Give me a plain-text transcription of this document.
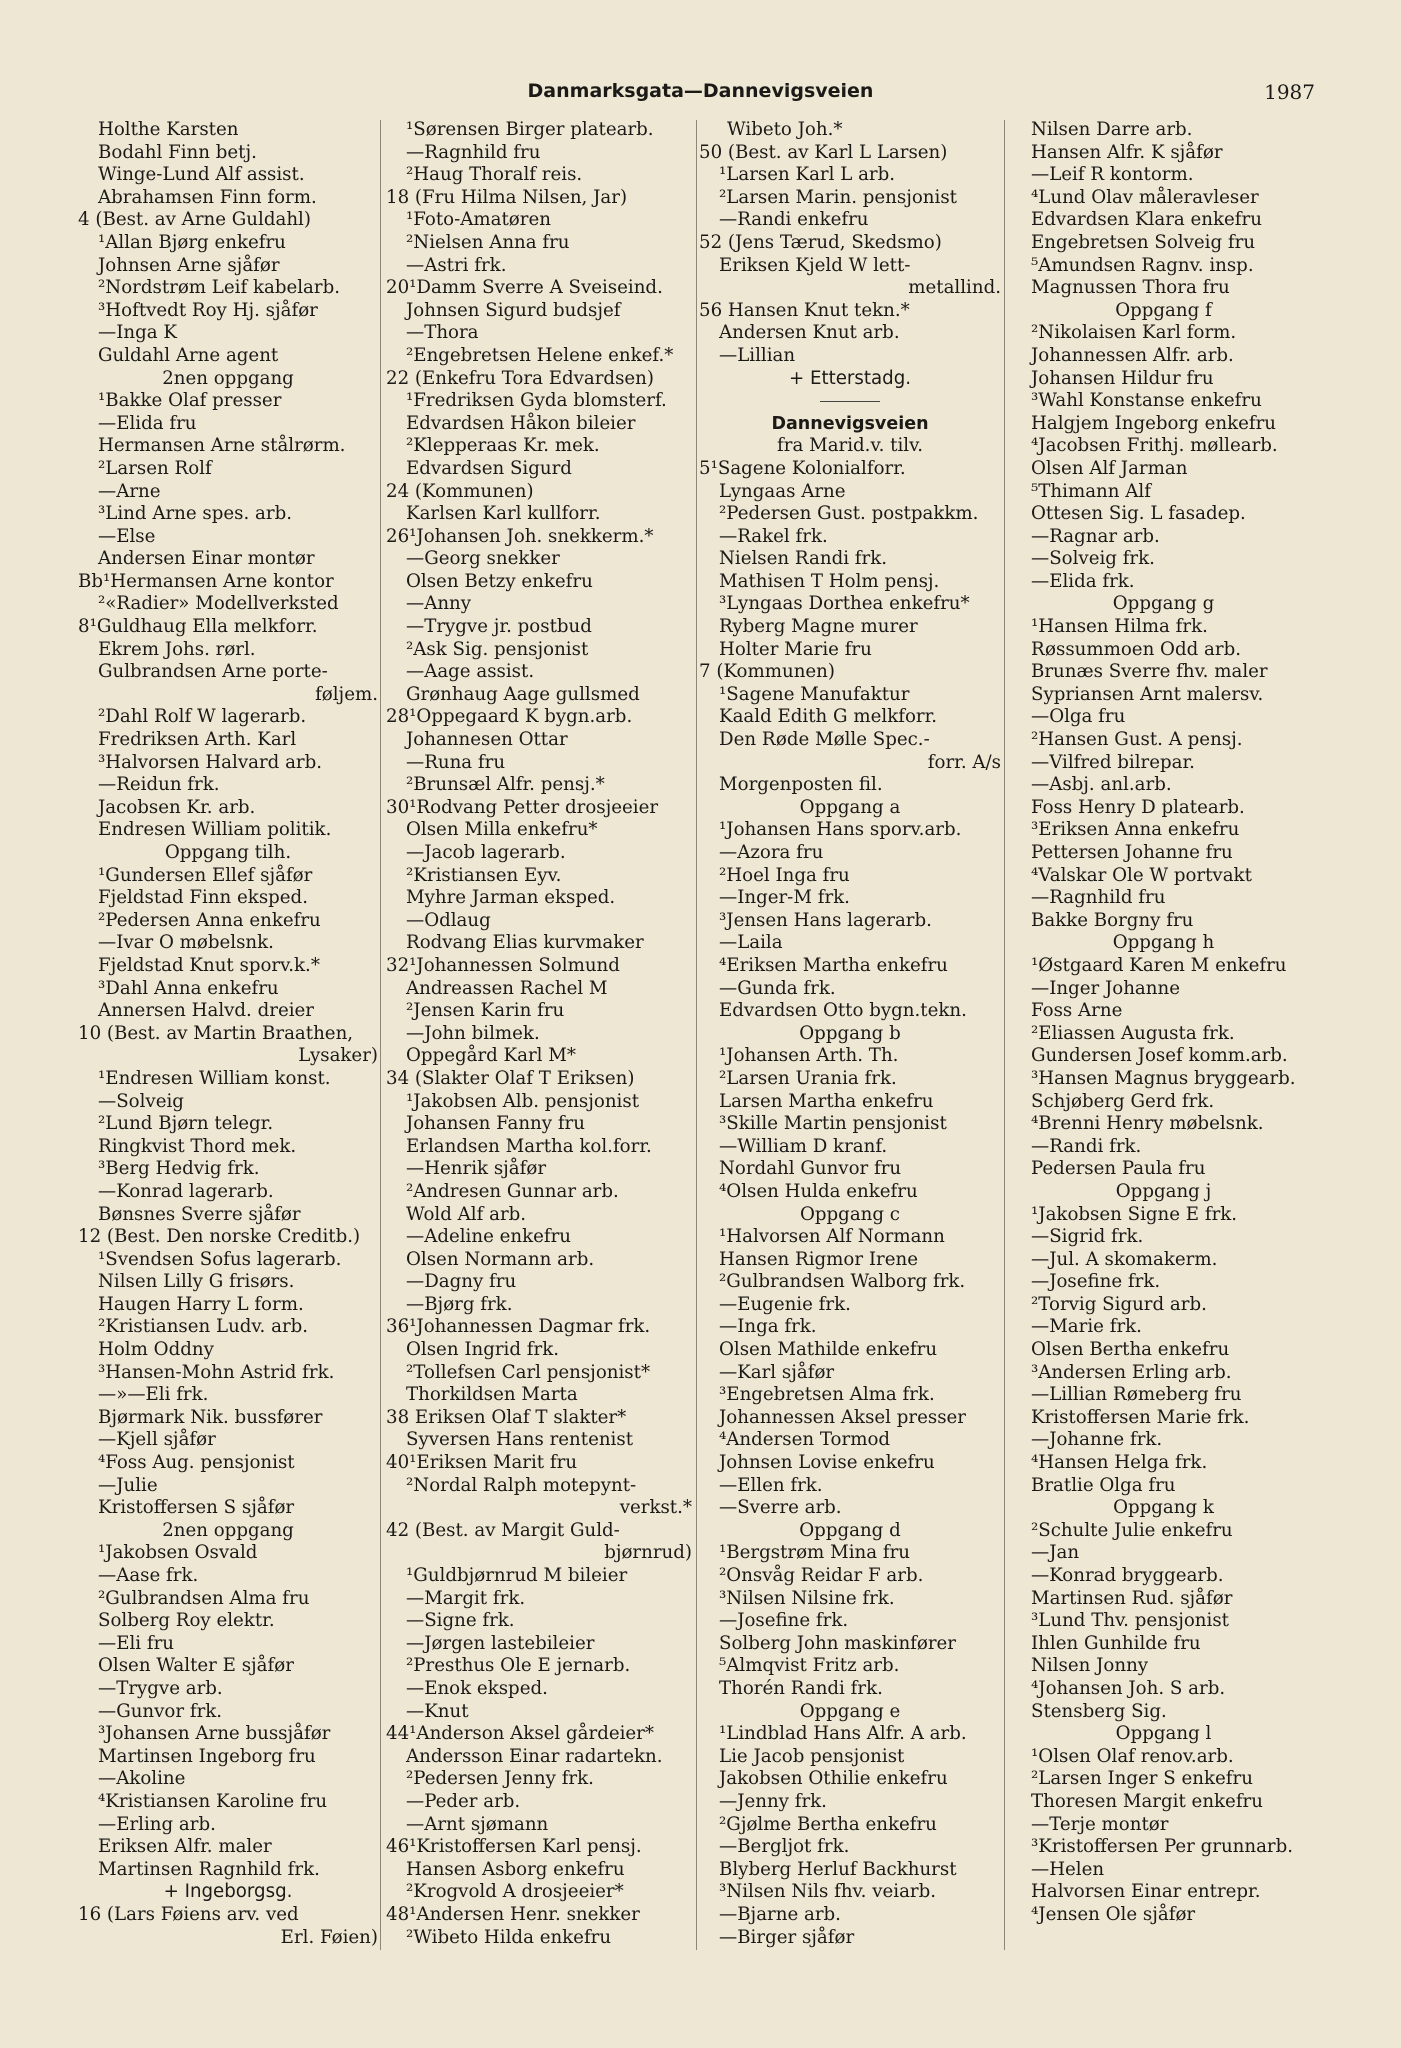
Danmarksgata—Dannevigsveien	1987
Holthe Karsten
Bodahl Finn betj.
Winge-Lund Alf assist.
Abrahamsen Finn form.
4 (Best. av Arne Guldahl)
¹Allan Bjørg enkefru
Johnsen Arne sjåfør
²Nordstrøm Leif kabelarb.
³Hoftvedt Roy Hj. sjåfør
—Inga K
Guldahl Arne agent
2nen oppgang
¹Bakke Olaf presser
—Elida fru
Hermansen Arne stålrørm.
²Larsen Rolf
—Arne
³Lind Arne spes. arb.
—Else
Andersen Einar montør
Bb¹Hermansen Arne kontor
²«Radier» Modellverksted
8¹Guldhaug Ella melkforr.
Ekrem Johs. rørl.
Gulbrandsen Arne porte-
føljem.
²Dahl Rolf W lagerarb.
Fredriksen Arth. Karl
³Halvorsen Halvard arb.
—Reidun frk.
Jacobsen Kr. arb.
Endresen William politik.
Oppgang tilh.
¹Gundersen Ellef sjåfør
Fjeldstad Finn eksped.
²Pedersen Anna enkefru
—Ivar O møbelsnk.
Fjeldstad Knut sporv.k.*
³Dahl Anna enkefru
Annersen Halvd. dreier
10 (Best. av Martin Braathen,
Lysaker)
¹Endresen William konst.
—Solveig
²Lund Bjørn telegr.
Ringkvist Thord mek.
³Berg Hedvig frk.
—Konrad lagerarb.
Bønsnes Sverre sjåfør
12 (Best. Den norske Creditb.)
¹Svendsen Sofus lagerarb.
Nilsen Lilly G frisørs.
Haugen Harry L form.
²Kristiansen Ludv. arb.
Holm Oddny
³Hansen-Mohn Astrid frk.
—»—Eli frk.
Bjørmark Nik. bussfører
—Kjell sjåfør
⁴Foss Aug. pensjonist
—Julie
Kristoffersen S sjåfør
2nen oppgang
¹Jakobsen Osvald
—Aase frk.
²Gulbrandsen Alma fru
Solberg Roy elektr.
—Eli fru
Olsen Walter E sjåfør
—Trygve arb.
—Gunvor frk.
³Johansen Arne bussjåfør
Martinsen Ingeborg fru
—Akoline
⁴Kristiansen Karoline fru
—Erling arb.
Eriksen Alfr. maler
Martinsen Ragnhild frk.
+ Ingeborgsg.
16 (Lars Føiens arv. ved
Erl. Føien)
¹Sørensen Birger platearb.
—Ragnhild fru
²Haug Thoralf reis.
18 (Fru Hilma Nilsen, Jar)
¹Foto-Amatøren
²Nielsen Anna fru
—Astri frk.
20¹Damm Sverre A Sveiseind.
Johnsen Sigurd budsjef
—Thora
²Engebretsen Helene enkef.*
22 (Enkefru Tora Edvardsen)
¹Fredriksen Gyda blomsterf.
Edvardsen Håkon bileier
²Klepperaas Kr. mek.
Edvardsen Sigurd
24 (Kommunen)
Karlsen Karl kullforr.
26¹Johansen Joh. snekkerm.*
—Georg snekker
Olsen Betzy enkefru
—Anny
—Trygve jr. postbud
²Ask Sig. pensjonist
—Aage assist.
Grønhaug Aage gullsmed
28¹Oppegaard K bygn.arb.
Johannesen Ottar
—Runa fru
²Brunsæl Alfr. pensj.*
30¹Rodvang Petter drosjeeier
Olsen Milla enkefru*
—Jacob lagerarb.
²Kristiansen Eyv.
Myhre Jarman eksped.
—Odlaug
Rodvang Elias kurvmaker
32¹Johannessen Solmund
Andreassen Rachel M
²Jensen Karin fru
—John bilmek.
Oppegård Karl M*
34 (Slakter Olaf T Eriksen)
¹Jakobsen Alb. pensjonist
Johansen Fanny fru
Erlandsen Martha kol.forr.
—Henrik sjåfør
²Andresen Gunnar arb.
Wold Alf arb.
—Adeline enkefru
Olsen Normann arb.
—Dagny fru
—Bjørg frk.
36¹Johannessen Dagmar frk.
Olsen Ingrid frk.
²Tollefsen Carl pensjonist*
Thorkildsen Marta
38 Eriksen Olaf T slakter*
Syversen Hans rentenist
40¹Eriksen Marit fru
²Nordal Ralph motepynt-
verkst.*
42 (Best. av Margit Guld-
bjørnrud)
¹Guldbjørnrud M bileier
—Margit frk.
—Signe frk.
—Jørgen lastebileier
²Presthus Ole E jernarb.
—Enok eksped.
—Knut
44¹Anderson Aksel gårdeier*
Andersson Einar radartekn.
²Pedersen Jenny frk.
—Peder arb.
—Arnt sjømann
46¹Kristoffersen Karl pensj.
Hansen Asborg enkefru
²Krogvold A drosjeeier*
48¹Andersen Henr. snekker
²Wibeto Hilda enkefru
Wibeto Joh.*
50 (Best. av Karl L Larsen)
¹Larsen Karl L arb.
²Larsen Marin. pensjonist
—Randi enkefru
52 (Jens Tærud, Skedsmo)
Eriksen Kjeld W lett-
metallind.
56 Hansen Knut tekn.*
Andersen Knut arb.
—Lillian
+ Etterstadg.
Dannevigsveien
fra Marid.v. tilv.
5¹Sagene Kolonialforr.
Lyngaas Arne
²Pedersen Gust. postpakkm.
—Rakel frk.
Nielsen Randi frk.
Mathisen T Holm pensj.
³Lyngaas Dorthea enkefru*
Ryberg Magne murer
Holter Marie fru
7 (Kommunen)
¹Sagene Manufaktur
Kaald Edith G melkforr.
Den Røde Mølle Spec.-
forr. A/s
Morgenposten fil.
Oppgang a
¹Johansen Hans sporv.arb.
—Azora fru
²Hoel Inga fru
—Inger-M frk.
³Jensen Hans lagerarb.
—Laila
⁴Eriksen Martha enkefru
—Gunda frk.
Edvardsen Otto bygn.tekn.
Oppgang b
¹Johansen Arth. Th.
²Larsen Urania frk.
Larsen Martha enkefru
³Skille Martin pensjonist
—William D kranf.
Nordahl Gunvor fru
⁴Olsen Hulda enkefru
Oppgang c
¹Halvorsen Alf Normann
Hansen Rigmor Irene
²Gulbrandsen Walborg frk.
—Eugenie frk.
—Inga frk.
Olsen Mathilde enkefru
—Karl sjåfør
³Engebretsen Alma frk.
Johannessen Aksel presser
⁴Andersen Tormod
Johnsen Lovise enkefru
—Ellen frk.
—Sverre arb.
Oppgang d
¹Bergstrøm Mina fru
²Onsvåg Reidar F arb.
³Nilsen Nilsine frk.
—Josefine frk.
Solberg John maskinfører
⁵Almqvist Fritz arb.
Thorén Randi frk.
Oppgang e
¹Lindblad Hans Alfr. A arb.
Lie Jacob pensjonist
Jakobsen Othilie enkefru
—Jenny frk.
²Gjølme Bertha enkefru
—Bergljot frk.
Blyberg Herluf Backhurst
³Nilsen Nils fhv. veiarb.
—Bjarne arb.
—Birger sjåfør
Nilsen Darre arb.
Hansen Alfr. K sjåfør
—Leif R kontorm.
⁴Lund Olav måleravleser
Edvardsen Klara enkefru
Engebretsen Solveig fru
⁵Amundsen Ragnv. insp.
Magnussen Thora fru
Oppgang f
²Nikolaisen Karl form.
Johannessen Alfr. arb.
Johansen Hildur fru
³Wahl Konstanse enkefru
Halgjem Ingeborg enkefru
⁴Jacobsen Frithj. møllearb.
Olsen Alf Jarman
⁵Thimann Alf
Ottesen Sig. L fasadep.
—Ragnar arb.
—Solveig frk.
—Elida frk.
Oppgang g
¹Hansen Hilma frk.
Røssummoen Odd arb.
Brunæs Sverre fhv. maler
Sypriansen Arnt malersv.
—Olga fru
²Hansen Gust. A pensj.
—Vilfred bilrepar.
—Asbj. anl.arb.
Foss Henry D platearb.
³Eriksen Anna enkefru
Pettersen Johanne fru
⁴Valskar Ole W portvakt
—Ragnhild fru
Bakke Borgny fru
Oppgang h
¹Østgaard Karen M enkefru
—Inger Johanne
Foss Arne
²Eliassen Augusta frk.
Gundersen Josef komm.arb.
³Hansen Magnus bryggearb.
Schjøberg Gerd frk.
⁴Brenni Henry møbelsnk.
—Randi frk.
Pedersen Paula fru
Oppgang j
¹Jakobsen Signe E frk.
—Sigrid frk.
—Jul. A skomakerm.
—Josefine frk.
²Torvig Sigurd arb.
—Marie frk.
Olsen Bertha enkefru
³Andersen Erling arb.
—Lillian Rømeberg fru
Kristoffersen Marie frk.
—Johanne frk.
⁴Hansen Helga frk.
Bratlie Olga fru
Oppgang k
²Schulte Julie enkefru
—Jan
—Konrad bryggearb.
Martinsen Rud. sjåfør
³Lund Thv. pensjonist
Ihlen Gunhilde fru
Nilsen Jonny
⁴Johansen Joh. S arb.
Stensberg Sig.
Oppgang l
¹Olsen Olaf renov.arb.
²Larsen Inger S enkefru
Thoresen Margit enkefru
—Terje montør
³Kristoffersen Per grunnarb.
—Helen
Halvorsen Einar entrepr.
⁴Jensen Ole sjåfør
